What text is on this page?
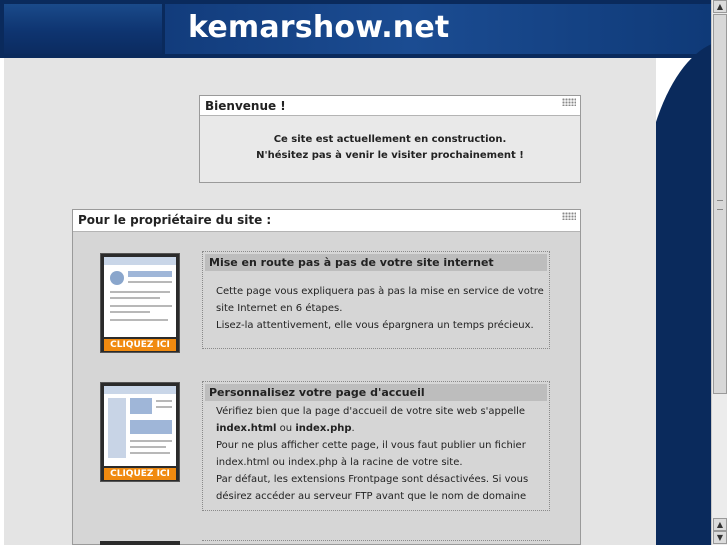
kemarshow.net
Bienvenue !
Ce site est actuellement en construction.
N'hésitez pas à venir le visiter prochainement !
Pour le propriétaire du site :
CLIQUEZ ICI
Mise en route pas à pas de votre site internet
Cette page vous expliquera pas à pas la mise en service de votre site Internet en 6 étapes.
Lisez-la attentivement, elle vous épargnera un temps précieux.
CLIQUEZ ICI
Personnalisez votre page d'accueil
Vérifiez bien que la page d'accueil de votre site web s'appelle index.html ou index.php.
Pour ne plus afficher cette page, il vous faut publier un fichier index.html ou index.php à la racine de votre site.
Par défaut, les extensions Frontpage sont désactivées. Si vous désirez accéder au serveur FTP avant que le nom de domaine
▲
▲
▼
